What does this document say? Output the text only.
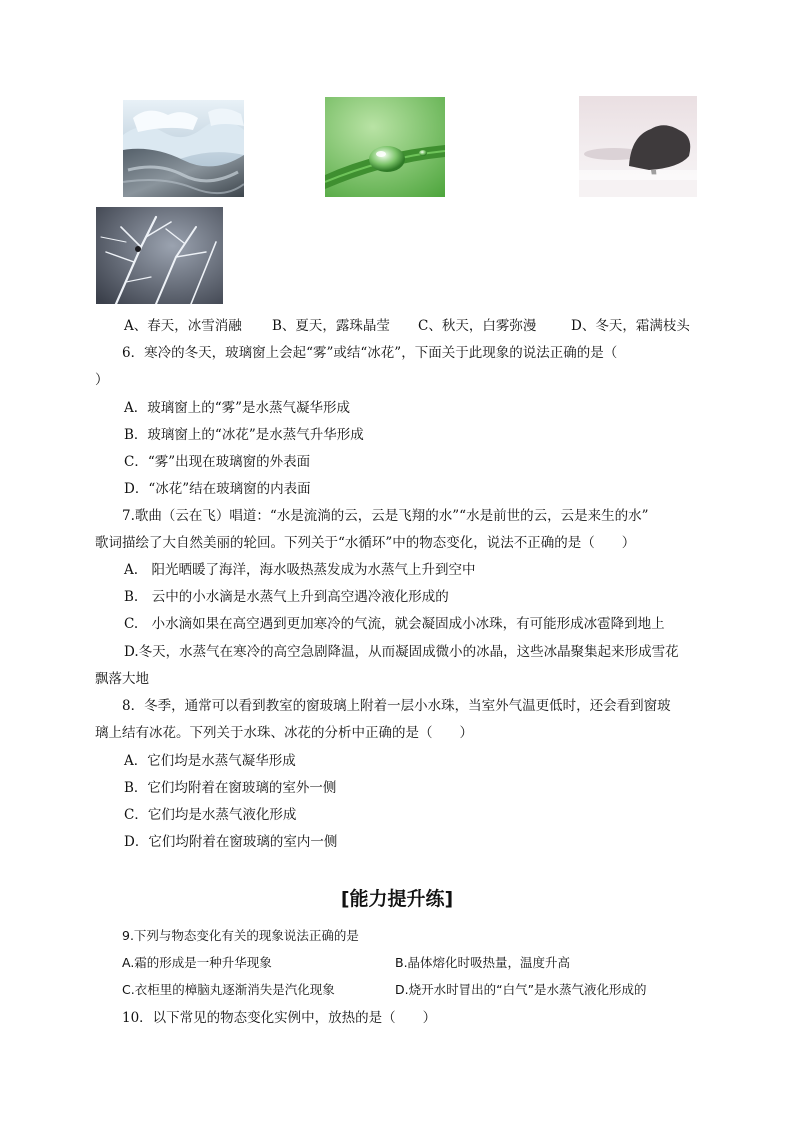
A、春天，冰雪消融 B、夏天，露珠晶莹 C、秋天，白雾弥漫	D、冬天，霜满枝头
6．寒冷的冬天，玻璃窗上会起“雾”或结“冰花”，下面关于此现象的说法正确的是（
）
A．玻璃窗上的“雾”是水蒸气凝华形成
B．玻璃窗上的“冰花”是水蒸气升华形成
C．“雾”出现在玻璃窗的外表面
D．“冰花”结在玻璃窗的内表面
7.歌曲（云在飞）唱道：“水是流淌的云，云是飞翔的水”“水是前世的云，云是来生的水”
歌词描绘了大自然美丽的轮回。下列关于“水循环”中的物态变化，说法不正确的是（　　）
A.　阳光晒暖了海洋，海水吸热蒸发成为水蒸气上升到空中
B.　云中的小水滴是水蒸气上升到高空遇冷液化形成的
C.　小水滴如果在高空遇到更加寒冷的气流，就会凝固成小冰珠，有可能形成冰雹降到地上
D.冬天，水蒸气在寒冷的高空急剧降温，从而凝固成微小的冰晶，这些冰晶聚集起来形成雪花
飘落大地
8．冬季，通常可以看到教室的窗玻璃上附着一层小水珠，当室外气温更低时，还会看到窗玻
璃上结有冰花。下列关于水珠、冰花的分析中正确的是（　　）
A．它们均是水蒸气凝华形成
B．它们均附着在窗玻璃的室外一侧
C．它们均是水蒸气液化形成
D．它们均附着在窗玻璃的室内一侧
[能力提升练]
9.下列与物态变化有关的现象说法正确的是
A.霜的形成是一种升华现象	B.晶体熔化时吸热量，温度升高
C.衣柜里的樟脑丸逐渐消失是汽化现象	D.烧开水时冒出的“白气”是水蒸气液化形成的
10．以下常见的物态变化实例中，放热的是（　　）
